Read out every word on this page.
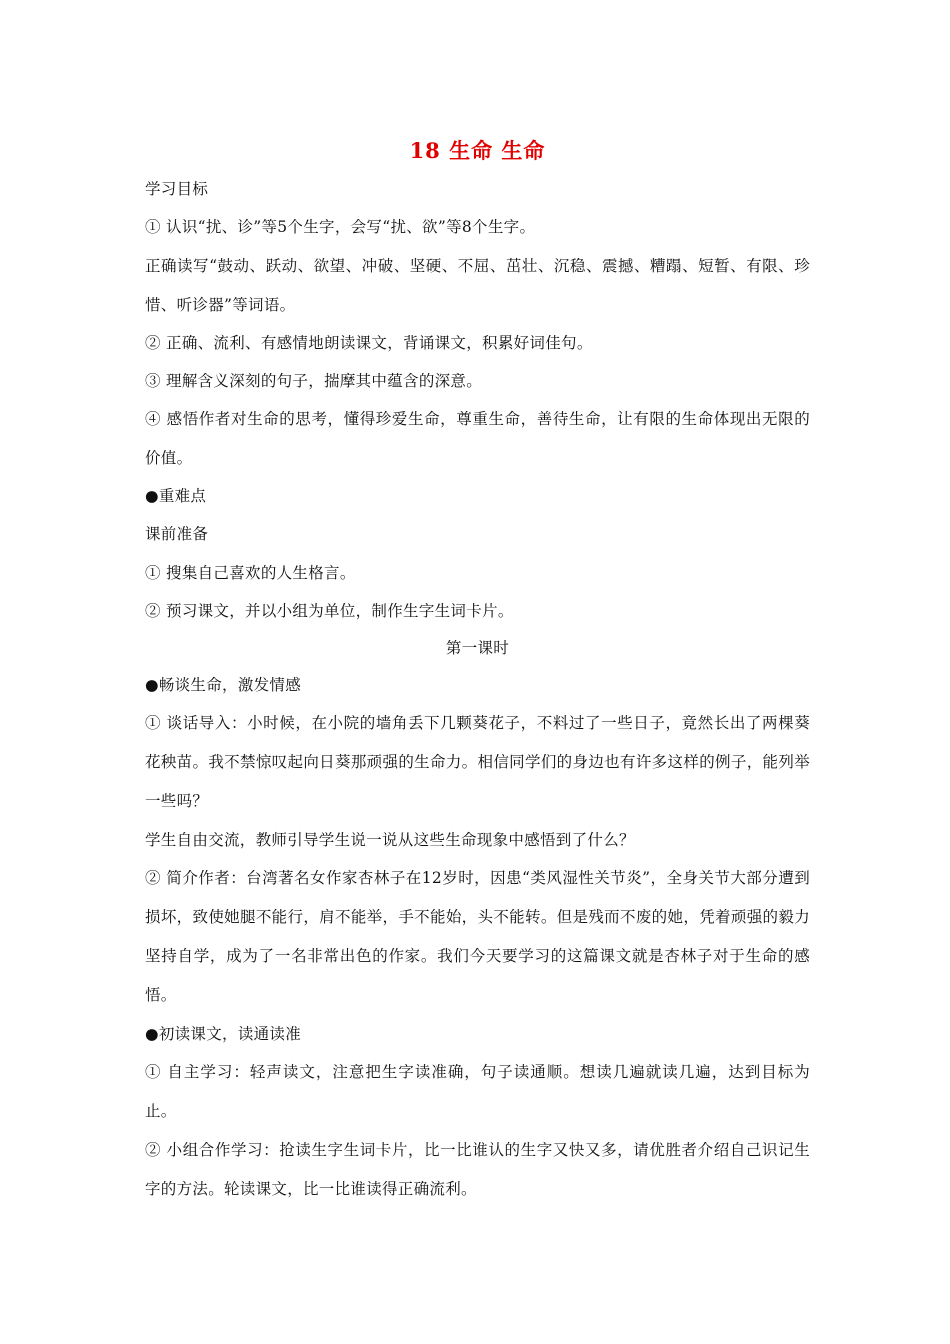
18 生命 生命
学习目标
① 认识“扰、诊”等5个生字，会写“扰、欲”等8个生字。
正确读写“鼓动、跃动、欲望、冲破、坚硬、不屈、茁壮、沉稳、震撼、糟蹋、短暂、有限、珍惜、听诊器”等词语。
② 正确、流利、有感情地朗读课文，背诵课文，积累好词佳句。
③ 理解含义深刻的句子，揣摩其中蕴含的深意。
④ 感悟作者对生命的思考，懂得珍爱生命，尊重生命，善待生命，让有限的生命体现出无限的价值。
●重难点
课前准备
① 搜集自己喜欢的人生格言。
② 预习课文，并以小组为单位，制作生字生词卡片。
第一课时
●畅谈生命，激发情感
① 谈话导入：小时候，在小院的墙角丢下几颗葵花子，不料过了一些日子，竟然长出了两棵葵花秧苗。我不禁惊叹起向日葵那顽强的生命力。相信同学们的身边也有许多这样的例子，能列举一些吗？
学生自由交流，教师引导学生说一说从这些生命现象中感悟到了什么？
② 简介作者：台湾著名女作家杏林子在12岁时，因患“类风湿性关节炎”，全身关节大部分遭到损坏，致使她腿不能行，肩不能举，手不能始，头不能转。但是残而不废的她，凭着顽强的毅力坚持自学，成为了一名非常出色的作家。我们今天要学习的这篇课文就是杏林子对于生命的感悟。
●初读课文，读通读准
① 自主学习：轻声读文，注意把生字读准确，句子读通顺。想读几遍就读几遍，达到目标为止。
② 小组合作学习：抢读生字生词卡片，比一比谁认的生字又快又多，请优胜者介绍自己识记生字的方法。轮读课文，比一比谁读得正确流利。
